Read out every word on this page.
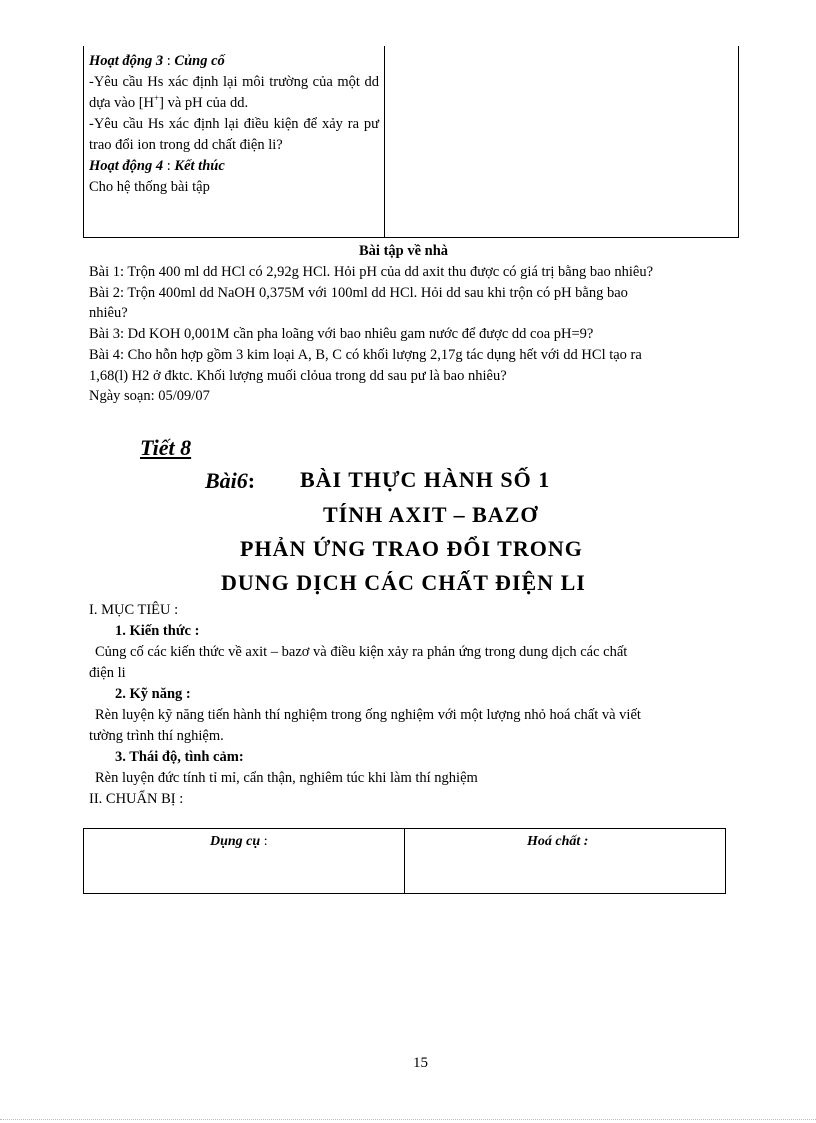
Hoạt động 3 : Củng cố
-Yêu cầu Hs xác định lại môi trường của một dd dựa vào [H+] và pH của dd.
-Yêu cầu Hs xác định lại điều kiện để xảy ra pư trao đổi ion trong dd chất điện li?
Hoạt động 4 : Kết thúc
Cho hệ thống bài tập
Bài tập về nhà
Bài 1: Trộn 400 ml dd HCl có 2,92g HCl. Hỏi pH của dd axit thu được có giá trị bằng bao nhiêu?
Bài 2: Trộn 400ml dd NaOH 0,375M với 100ml dd HCl. Hỏi dd sau khi trộn có pH bằng bao
nhiêu?
Bài 3: Dd KOH 0,001M cần pha loãng với bao nhiêu gam nước để được dd coa pH=9?
Bài 4: Cho hỗn hợp gồm 3 kim loại A, B, C có khối lượng 2,17g tác dụng hết với dd HCl tạo ra
1,68(l) H2 ở đktc. Khối lượng muối clỏua trong dd sau pư là bao nhiêu?
Ngày soạn: 05/09/07
Tiết 8
Bài6: BÀI THỰC HÀNH SỐ 1
TÍNH AXIT – BAZƠ
PHẢN ỨNG TRAO ĐỔI TRONG
DUNG DỊCH CÁC CHẤT ĐIỆN LI
I. MỤC TIÊU :
1. Kiến thức :
Củng cố các kiến thức về axit – bazơ và điều kiện xảy ra phản ứng trong dung dịch các chất
điện li
2. Kỹ năng :
Rèn luyện kỹ năng tiến hành thí nghiệm trong ống nghiệm với một lượng nhỏ hoá chất và viết
tường trình thí nghiệm.
3. Thái độ, tình cảm:
Rèn luyện đức tính tỉ mỉ, cẩn thận, nghiêm túc khi làm thí nghiệm
II. CHUẨN BỊ :
Dụng cụ :	Hoá chất :
15
